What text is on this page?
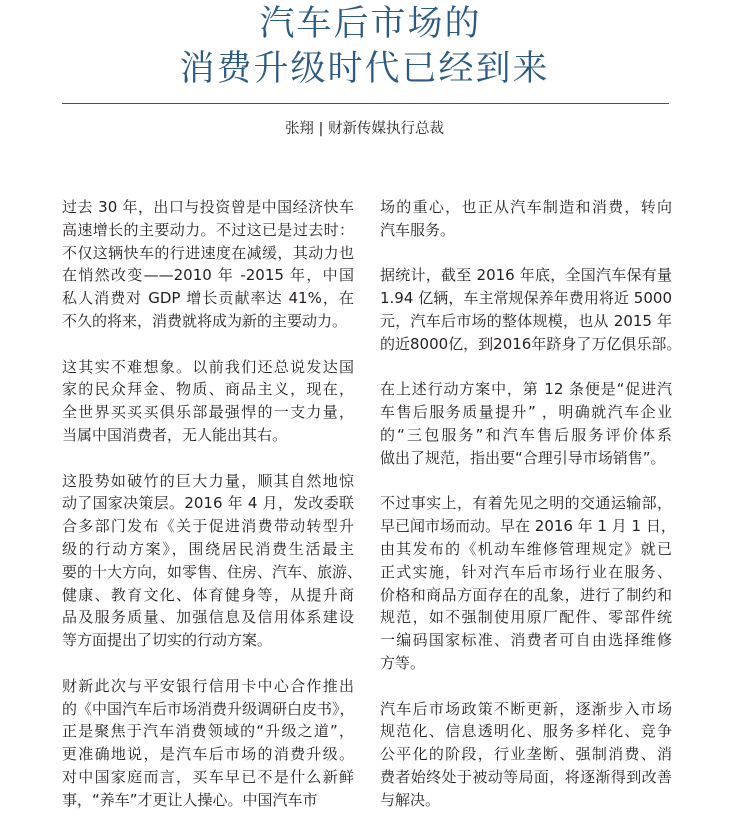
汽车后市场的
消费升级时代已经到来
张翔 | 财新传媒执行总裁

过去 30 年，出口与投资曾是中国经济快车
高速增长的主要动力。不过这已是过去时：
不仅这辆快车的行进速度在减缓，其动力也
在悄然改变——2010 年 -2015 年，中国
私人消费对 GDP 增长贡献率达 41%，在
不久的将来，消费就将成为新的主要动力。

这其实不难想象。以前我们还总说发达国
家的民众拜金、物质、商品主义，现在，
全世界买买买俱乐部最强悍的一支力量，
当属中国消费者，无人能出其右。

这股势如破竹的巨大力量，顺其自然地惊
动了国家决策层。2016 年 4 月，发改委联
合多部门发布《关于促进消费带动转型升
级的行动方案》，围绕居民消费生活最主
要的十大方向，如零售、住房、汽车、旅游、
健康、教育文化、体育健身等，从提升商
品及服务质量、加强信息及信用体系建设
等方面提出了切实的行动方案。

财新此次与平安银行信用卡中心合作推出
的《中国汽车后市场消费升级调研白皮书》，
正是聚焦于汽车消费领域的“升级之道”，
更准确地说，是汽车后市场的消费升级。
对中国家庭而言，买车早已不是什么新鲜
事，“养车”才更让人操心。中国汽车市

场的重心，也正从汽车制造和消费，转向
汽车服务。

据统计，截至 2016 年底，全国汽车保有量
1.94 亿辆，车主常规保养年费用将近 5000
元，汽车后市场的整体规模，也从 2015 年
的近8000亿，到2016年跻身了万亿俱乐部。

在上述行动方案中，第 12 条便是“促进汽
车售后服务质量提升” ，明确就汽车企业
的“三包服务”和汽车售后服务评价体系
做出了规范，指出要“合理引导市场销售”。

不过事实上，有着先见之明的交通运输部，
早已闻市场而动。早在 2016 年 1 月 1 日，
由其发布的《机动车维修管理规定》就已
正式实施，针对汽车后市场行业在服务、
价格和商品方面存在的乱象，进行了制约和
规范，如不强制使用原厂配件、零部件统
一编码国家标准、消费者可自由选择维修
方等。

汽车后市场政策不断更新，逐渐步入市场
规范化、信息透明化、服务多样化、竞争
公平化的阶段，行业垄断、强制消费、消
费者始终处于被动等局面，将逐渐得到改善
与解决。
